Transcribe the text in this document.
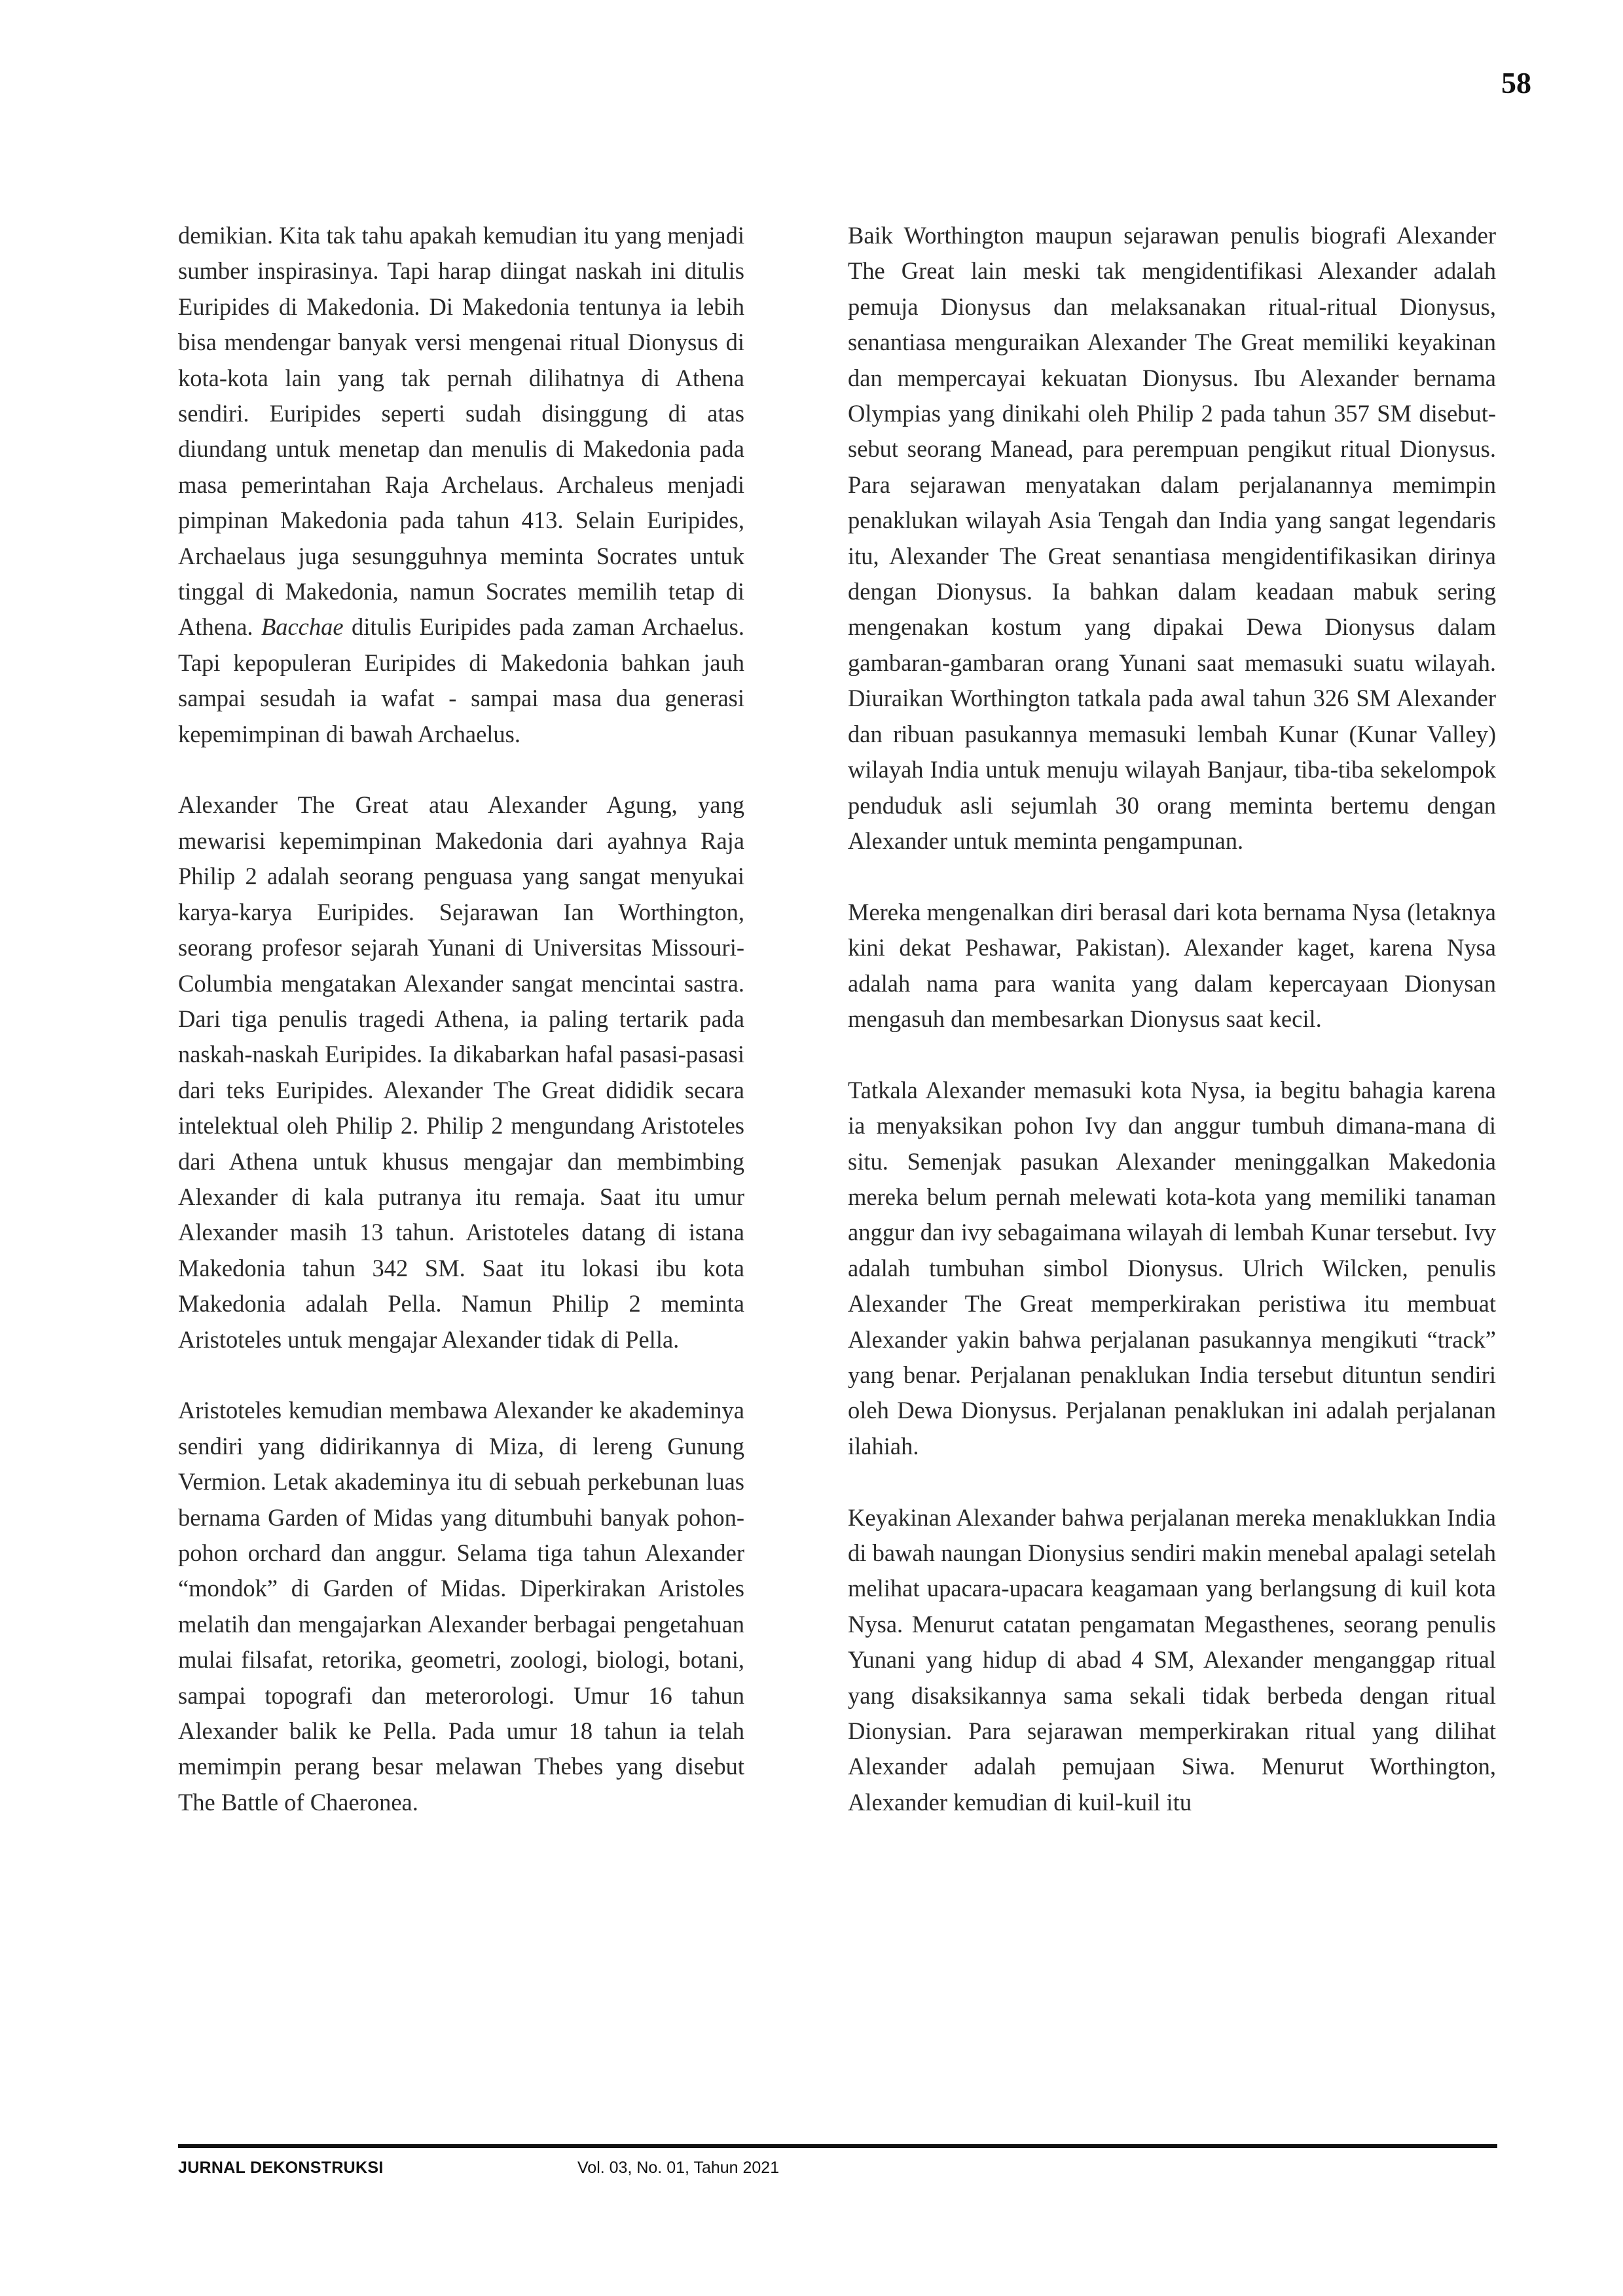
58

demikian. Kita tak tahu apakah kemudian itu yang menjadi sumber inspirasinya. Tapi harap diingat naskah ini ditulis Euripides di Makedonia. Di Makedonia tentunya ia lebih bisa mendengar banyak versi mengenai ritual Dionysus di kota-kota lain yang tak pernah dilihatnya di Athena sendiri. Euripides seperti sudah disinggung di atas diundang untuk menetap dan menulis di Makedonia pada masa pemerintahan Raja Archelaus. Archaleus menjadi pimpinan Makedonia pada tahun 413. Selain Euripides, Archaelaus juga sesungguhnya meminta Socrates untuk tinggal di Makedonia, namun Socrates memilih tetap di Athena. Bacchae ditulis Euripides pada zaman Archaelus. Tapi kepopuleran Euripides di Makedonia bahkan jauh sampai sesudah ia wafat - sampai masa dua generasi kepemimpinan di bawah Archaelus.

Alexander The Great atau Alexander Agung, yang mewarisi kepemimpinan Makedonia dari ayahnya Raja Philip 2 adalah seorang penguasa yang sangat menyukai karya-karya Euripides. Sejarawan Ian Worthington, seorang profesor sejarah Yunani di Universitas Missouri-Columbia mengatakan Alexander sangat mencintai sastra. Dari tiga penulis tragedi Athena, ia paling tertarik pada naskah-naskah Euripides. Ia dikabarkan hafal pasasi-pasasi dari teks Euripides. Alexander The Great dididik secara intelektual oleh Philip 2. Philip 2 mengundang Aristoteles dari Athena untuk khusus mengajar dan membimbing Alexander di kala putranya itu remaja. Saat itu umur Alexander masih 13 tahun. Aristoteles datang di istana Makedonia tahun 342 SM. Saat itu lokasi ibu kota Makedonia adalah Pella. Namun Philip 2 meminta Aristoteles untuk mengajar Alexander tidak di Pella.

Aristoteles kemudian membawa Alexander ke akademinya sendiri yang didirikannya di Miza, di lereng Gunung Vermion. Letak akademinya itu di sebuah perkebunan luas bernama Garden of Midas yang ditumbuhi banyak pohon-pohon orchard dan anggur. Selama tiga tahun Alexander “mondok” di Garden of Midas. Diperkirakan Aristoles melatih dan mengajarkan Alexander berbagai pengetahuan mulai filsafat, retorika, geometri, zoologi, biologi, botani, sampai topografi dan meterorologi. Umur 16 tahun Alexander balik ke Pella. Pada umur 18 tahun ia telah memimpin perang besar melawan Thebes yang disebut The Battle of Chaeronea.

Baik Worthington maupun sejarawan penulis biografi Alexander The Great lain meski tak mengidentifikasi Alexander adalah pemuja Dionysus dan melaksanakan ritual-ritual Dionysus, senantiasa menguraikan Alexander The Great memiliki keyakinan dan mempercayai kekuatan Dionysus. Ibu Alexander bernama Olympias yang dinikahi oleh Philip 2 pada tahun 357 SM disebut-sebut seorang Manead, para perempuan pengikut ritual Dionysus. Para sejarawan menyatakan dalam perjalanannya memimpin penaklukan wilayah Asia Tengah dan India yang sangat legendaris itu, Alexander The Great senantiasa mengidentifikasikan dirinya dengan Dionysus. Ia bahkan dalam keadaan mabuk sering mengenakan kostum yang dipakai Dewa Dionysus dalam gambaran-gambaran orang Yunani saat memasuki suatu wilayah. Diuraikan Worthington tatkala pada awal tahun 326 SM Alexander dan ribuan pasukannya memasuki lembah Kunar (Kunar Valley) wilayah India untuk menuju wilayah Banjaur, tiba-tiba sekelompok penduduk asli sejumlah 30 orang meminta bertemu dengan Alexander untuk meminta pengampunan.

Mereka mengenalkan diri berasal dari kota bernama Nysa (letaknya kini dekat Peshawar, Pakistan). Alexander kaget, karena Nysa adalah nama para wanita yang dalam kepercayaan Dionysan mengasuh dan membesarkan Dionysus saat kecil.

Tatkala Alexander memasuki kota Nysa, ia begitu bahagia karena ia menyaksikan pohon Ivy dan anggur tumbuh dimana-mana di situ. Semenjak pasukan Alexander meninggalkan Makedonia mereka belum pernah melewati kota-kota yang memiliki tanaman anggur dan ivy sebagaimana wilayah di lembah Kunar tersebut. Ivy adalah tumbuhan simbol Dionysus. Ulrich Wilcken, penulis Alexander The Great memperkirakan peristiwa itu membuat Alexander yakin bahwa perjalanan pasukannya mengikuti “track” yang benar. Perjalanan penaklukan India tersebut dituntun sendiri oleh Dewa Dionysus. Perjalanan penaklukan ini adalah perjalanan ilahiah.

Keyakinan Alexander bahwa perjalanan mereka menaklukkan India di bawah naungan Dionysius sendiri makin menebal apalagi setelah melihat upacara-upacara keagamaan yang berlangsung di kuil kota Nysa. Menurut catatan pengamatan Megasthenes, seorang penulis Yunani yang hidup di abad 4 SM, Alexander menganggap ritual yang disaksikannya sama sekali tidak berbeda dengan ritual Dionysian. Para sejarawan memperkirakan ritual yang dilihat Alexander adalah pemujaan Siwa. Menurut Worthington, Alexander kemudian di kuil-kuil itu

JURNAL DEKONSTRUKSI	Vol. 03, No. 01, Tahun 2021
